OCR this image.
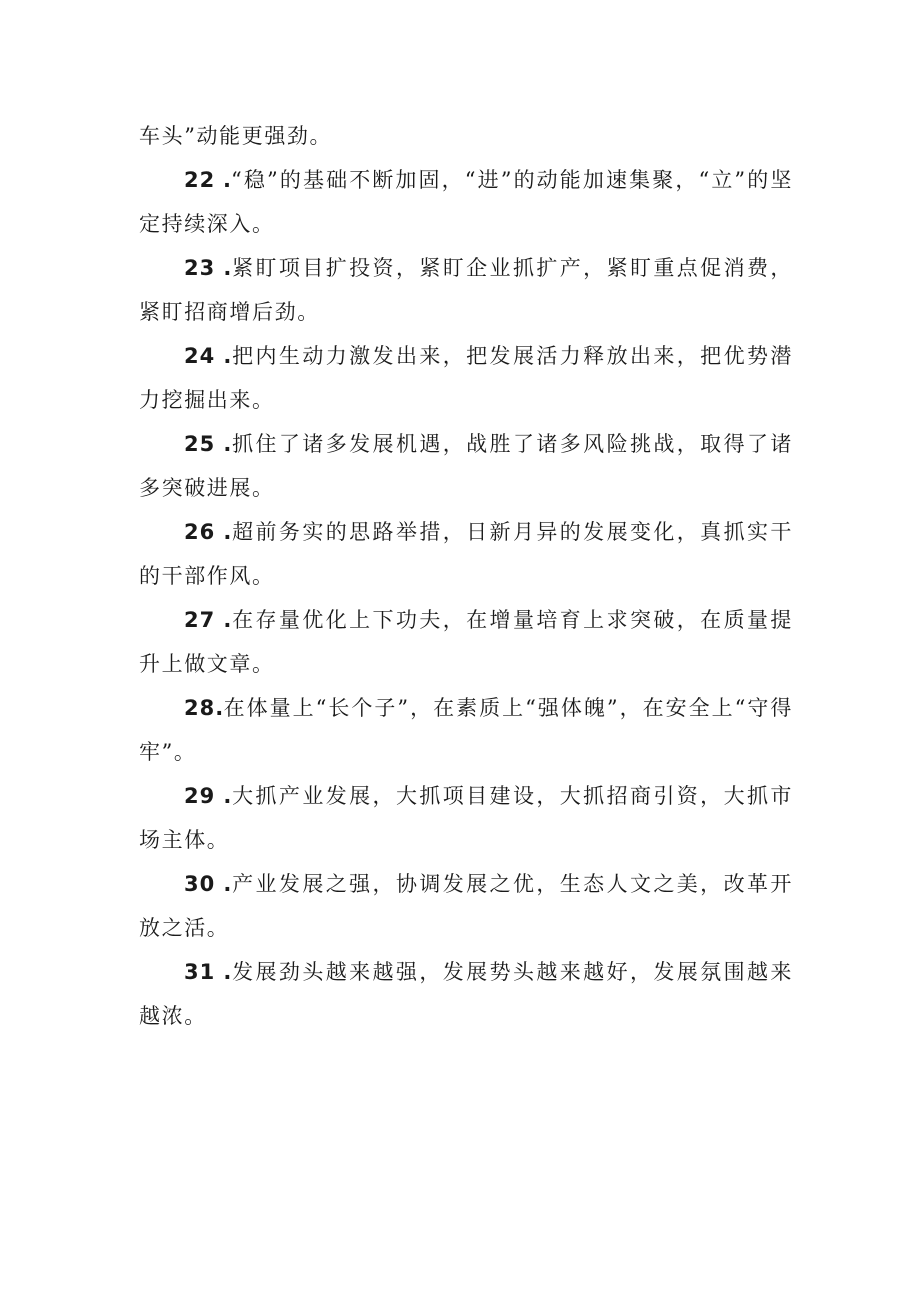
车头”动能更强劲。

22 .“稳”的基础不断加固，“进”的动能加速集聚，“立”的坚定持续深入。

23 .紧盯项目扩投资，紧盯企业抓扩产，紧盯重点促消费，紧盯招商增后劲。

24 .把内生动力激发出来，把发展活力释放出来，把优势潜力挖掘出来。

25 .抓住了诸多发展机遇，战胜了诸多风险挑战，取得了诸多突破进展。

26 .超前务实的思路举措，日新月异的发展变化，真抓实干的干部作风。

27 .在存量优化上下功夫，在增量培育上求突破，在质量提升上做文章。

28.在体量上“长个子”，在素质上“强体魄”，在安全上“守得牢”。

29 .大抓产业发展，大抓项目建设，大抓招商引资，大抓市场主体。

30 .产业发展之强，协调发展之优，生态人文之美，改革开放之活。

31 .发展劲头越来越强，发展势头越来越好，发展氛围越来越浓。
